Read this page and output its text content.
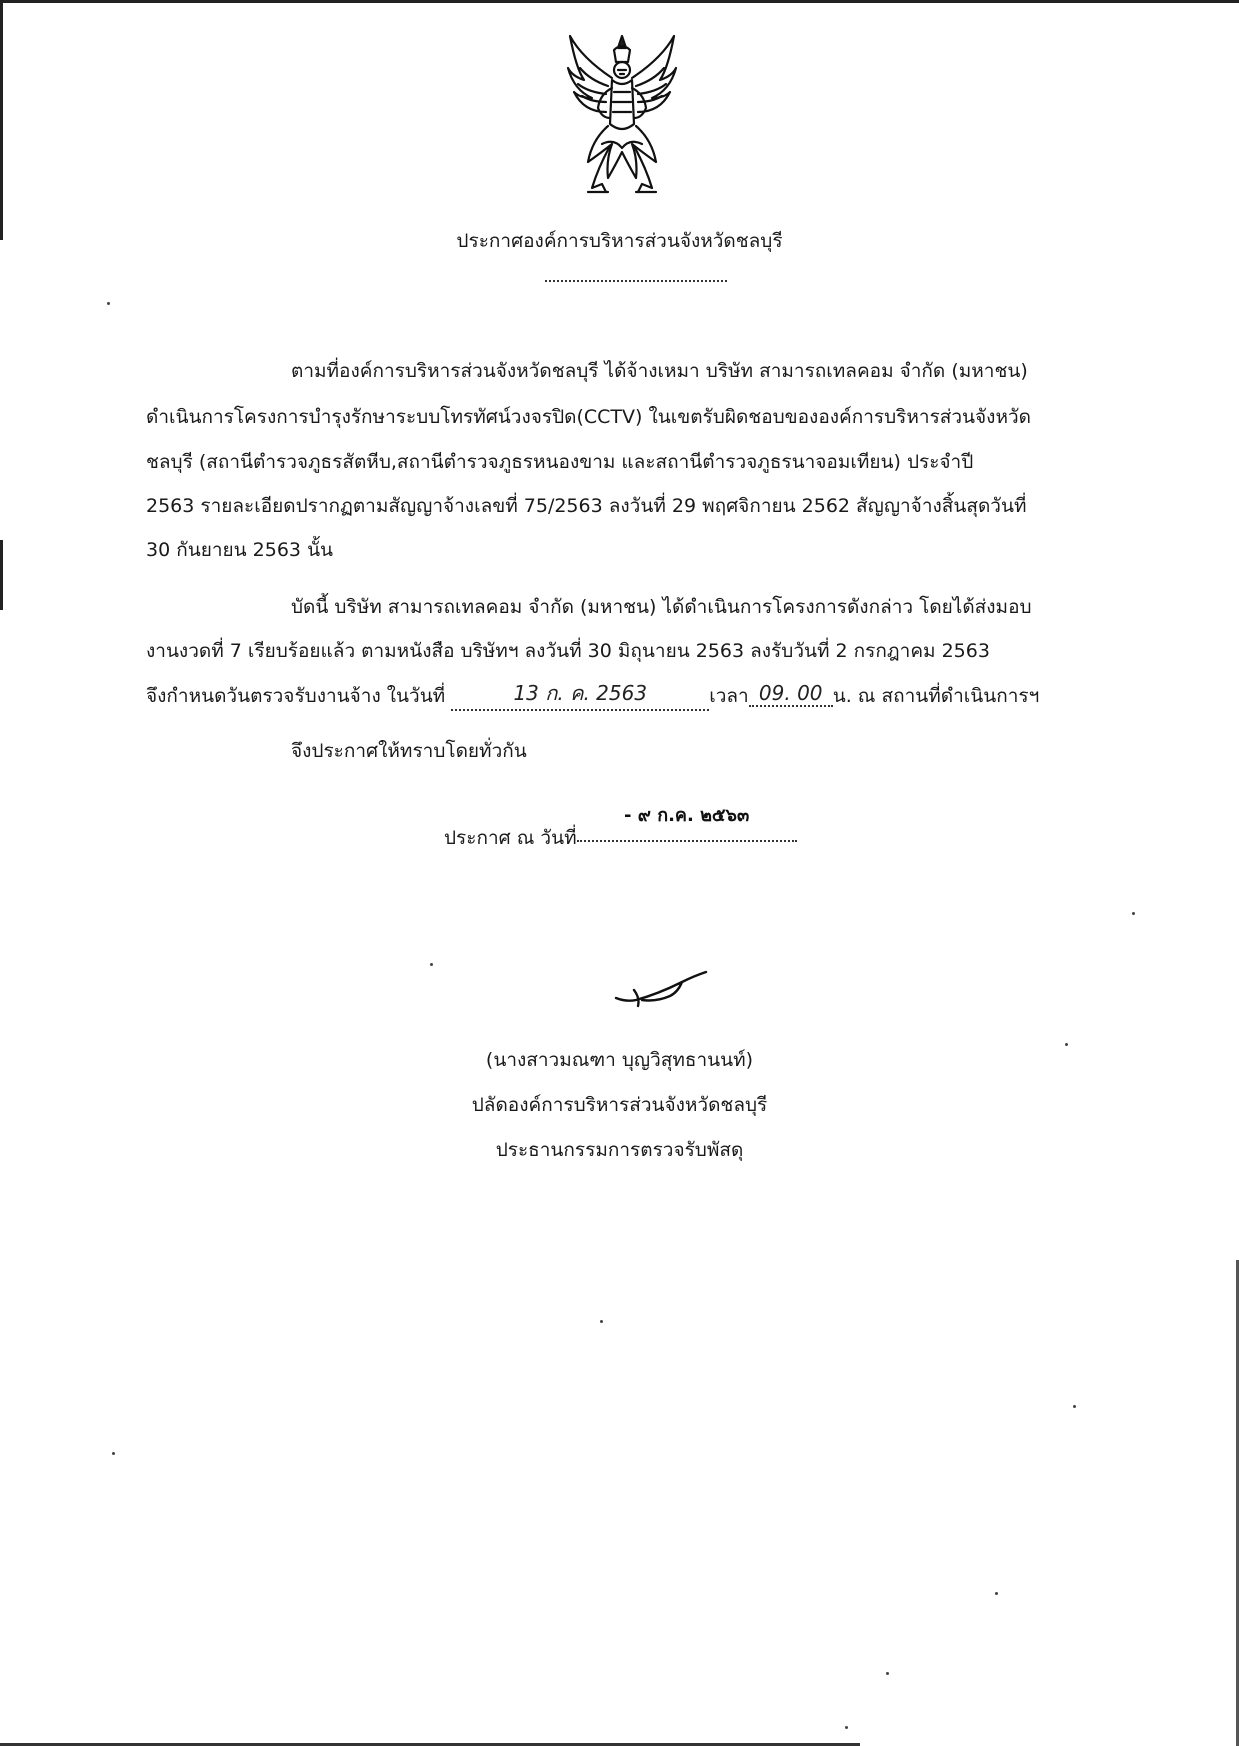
ประกาศองค์การบริหารส่วนจังหวัดชลบุรี
ตามที่องค์การบริหารส่วนจังหวัดชลบุรี ได้จ้างเหมา บริษัท สามารถเทลคอม จำกัด (มหาชน)
ดำเนินการโครงการบำรุงรักษาระบบโทรทัศน์วงจรปิด(CCTV) ในเขตรับผิดชอบขององค์การบริหารส่วนจังหวัด
ชลบุรี (สถานีตำรวจภูธรสัตหีบ,สถานีตำรวจภูธรหนองขาม และสถานีตำรวจภูธรนาจอมเทียน) ประจำปี
2563 รายละเอียดปรากฏตามสัญญาจ้างเลขที่ 75/2563 ลงวันที่ 29 พฤศจิกายน 2562 สัญญาจ้างสิ้นสุดวันที่
30 กันยายน 2563 นั้น
บัดนี้ บริษัท สามารถเทลคอม จำกัด (มหาชน) ได้ดำเนินการโครงการดังกล่าว โดยได้ส่งมอบ
งานงวดที่ 7 เรียบร้อยแล้ว ตามหนังสือ บริษัทฯ ลงวันที่ 30 มิถุนายน 2563 ลงรับวันที่ 2 กรกฎาคม 2563
จึงกำหนดวันตรวจรับงานจ้าง ในวันที่	13 ก. ค. 2563	เวลา 09. 00 น. ณ สถานที่ดำเนินการฯ
จึงประกาศให้ทราบโดยทั่วกัน
- ๙ ก.ค. ๒๕๖๓
ประกาศ ณ วันที่
(นางสาวมณฑา บุญวิสุทธานนท์)
ปลัดองค์การบริหารส่วนจังหวัดชลบุรี
ประธานกรรมการตรวจรับพัสดุ
